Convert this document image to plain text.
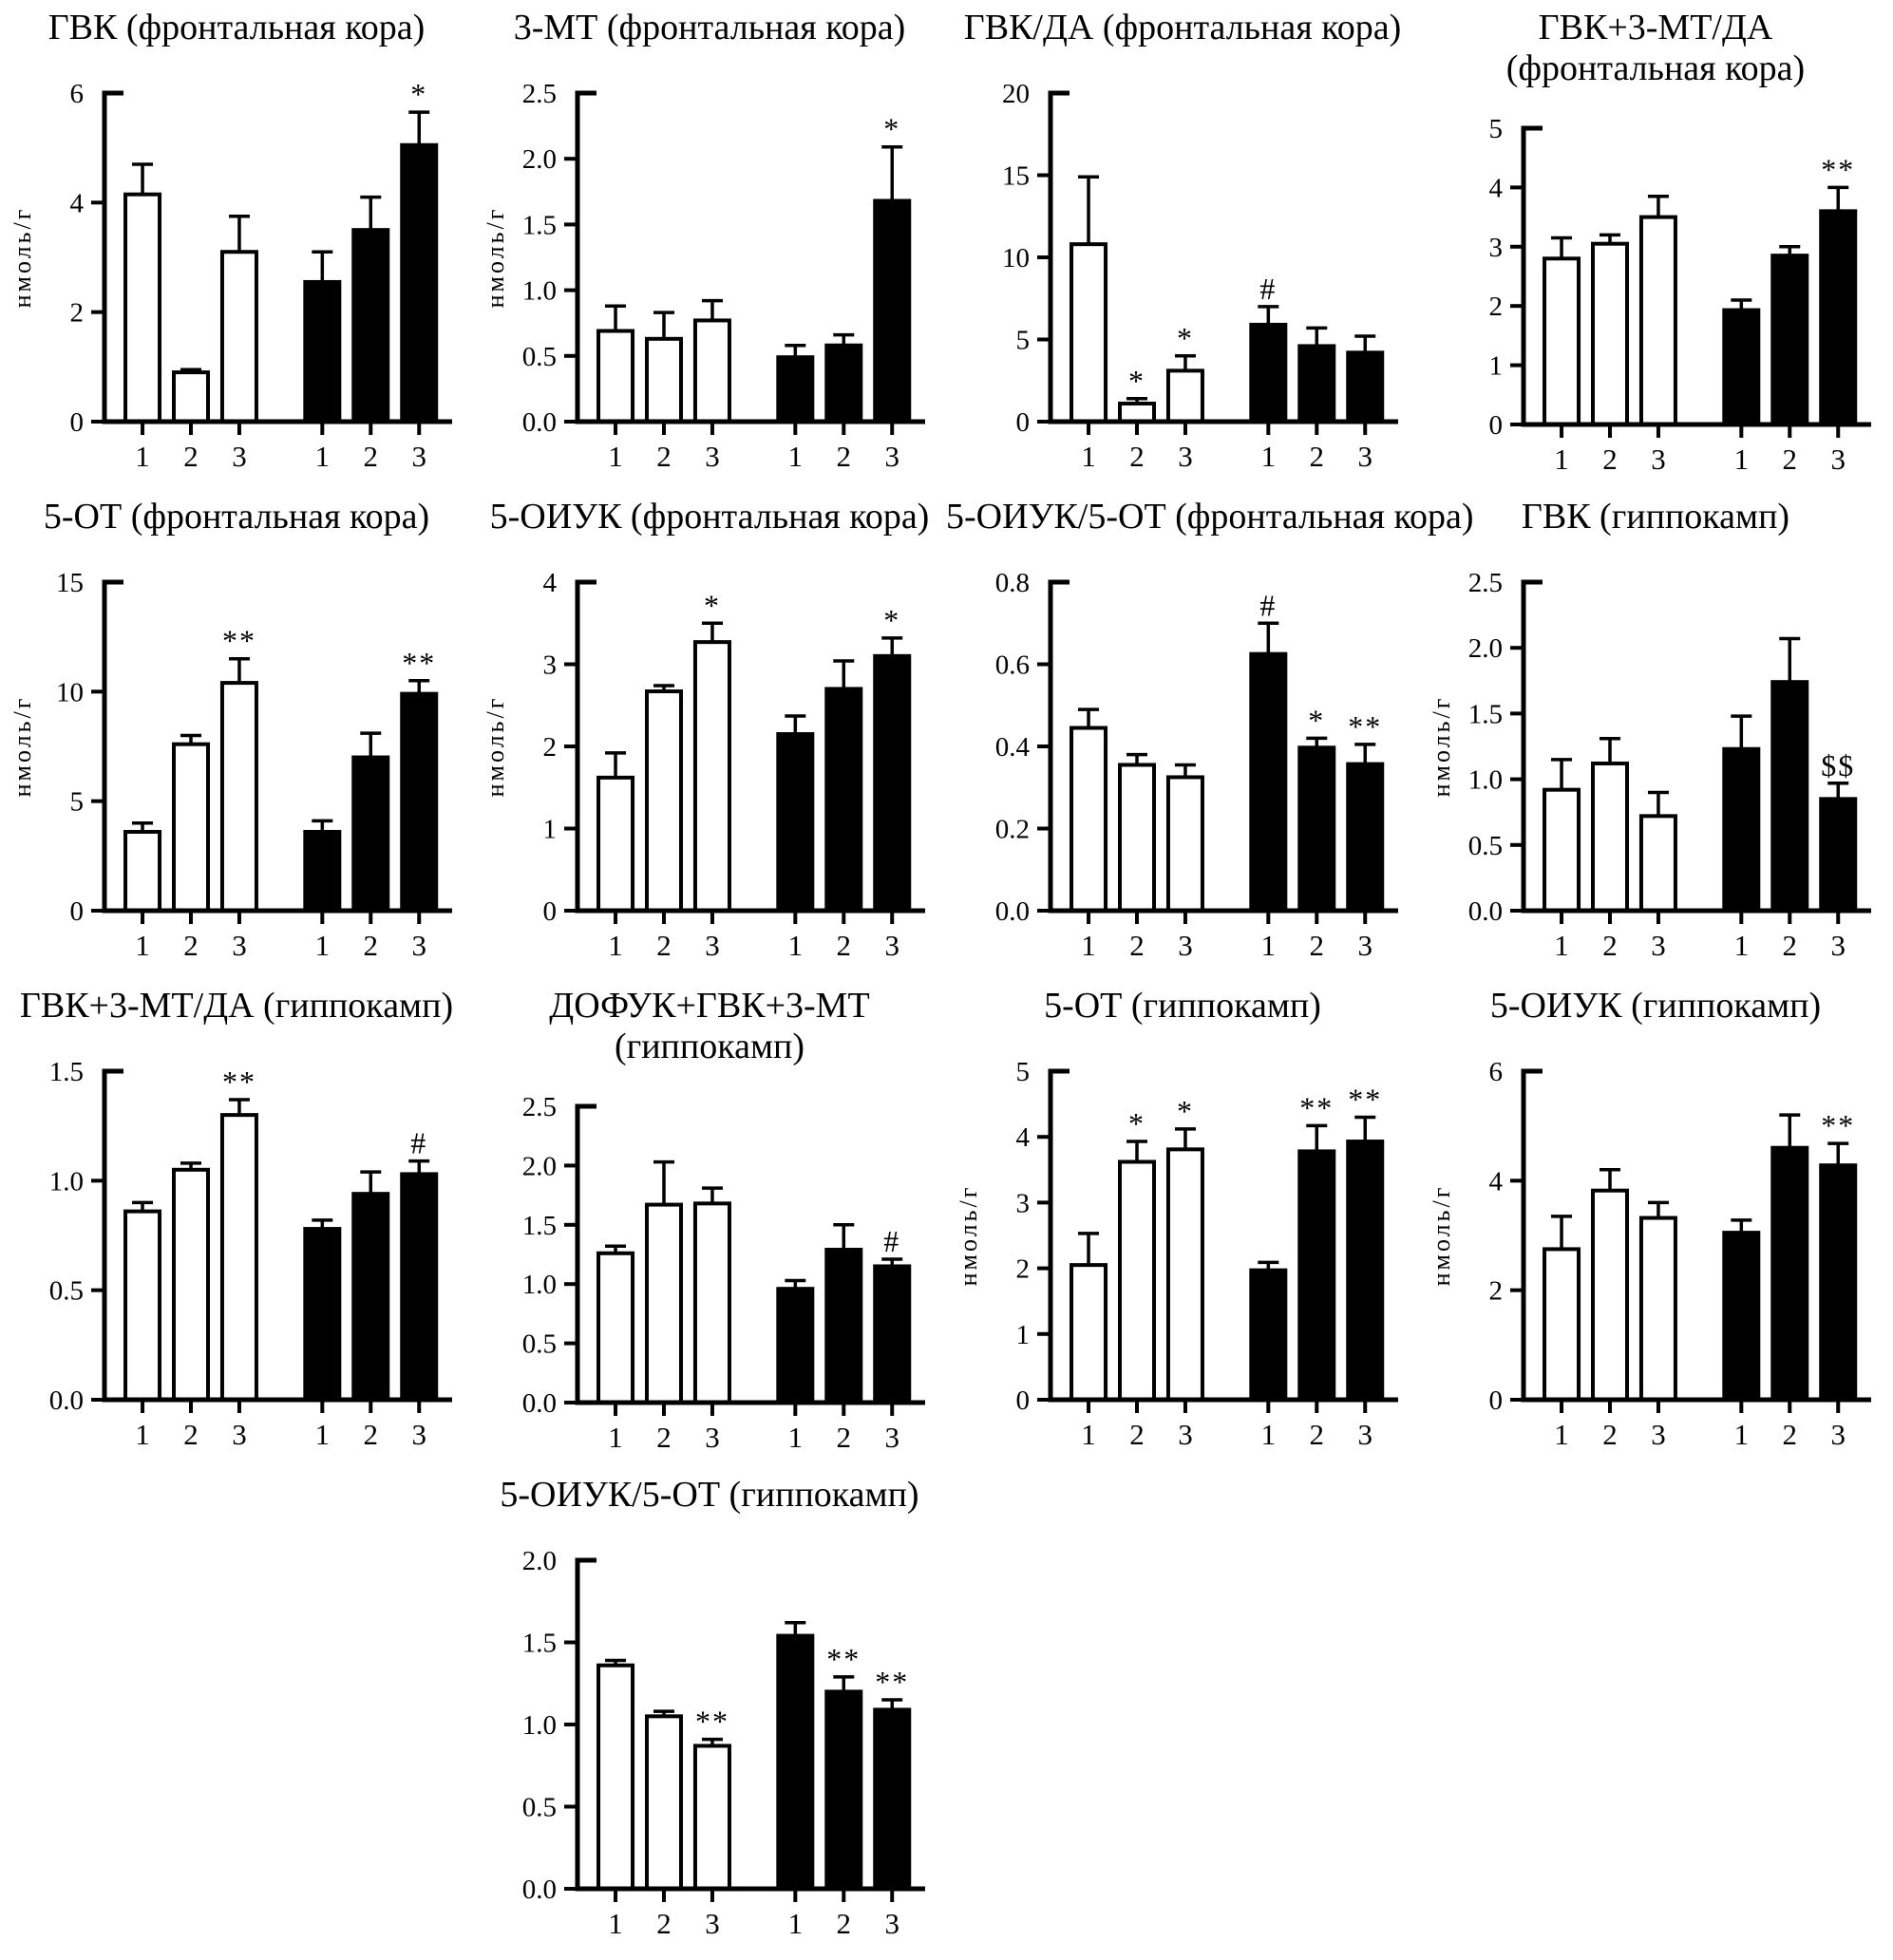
ГВК (фронтальная кора)
0
2
4
6
нмоль/г
1 2 3 1 2
*
3
3-МТ (фронтальная кора)
0.0
0.5
1.0
1.5
2.0
2.5
нмоль/г
1 2 3 1 2
*
3
ГВК/ДА (фронтальная кора)
0
5
10
15
20
1
*
2
*
3
#
1 2 3
ГВК+3-МТ/ДА
(фронтальная кора)
0
1
2
3
4
5
1 2 3 1 2
**
3
5-ОТ (фронтальная кора)
0
5
10
15
нмоль/г
1 2
**
3 1 2
**
3
5-ОИУК (фронтальная кора)
0
1
2
3
4
нмоль/г
1 2
*
3 1 2
*
3
5-ОИУК/5-ОТ (фронтальная кора)
0.0
0.2
0.4
0.6
0.8
1 2 3
#
1
*
2
**
3
ГВК (гиппокамп)
0.0
0.5
1.0
1.5
2.0
2.5
нмоль/г
1 2 3 1 2
$$
3
ГВК+3-МТ/ДА (гиппокамп)
0.0
0.5
1.0
1.5
1 2
**
3 1 2
#
3
ДОФУК+ГВК+3-МТ
(гиппокамп)
0.0
0.5
1.0
1.5
2.0
2.5
1 2 3 1 2
#
3
5-ОТ (гиппокамп)
0
1
2
3
4
5
нмоль/г
1
*
2
*
3 1
**
2
**
3
5-ОИУК (гиппокамп)
0
2
4
6
нмоль/г
1 2 3 1 2
**
3
5-ОИУК/5-ОТ (гиппокамп)
0.0
0.5
1.0
1.5
2.0
1 2
**
3 1
**
2
**
3
